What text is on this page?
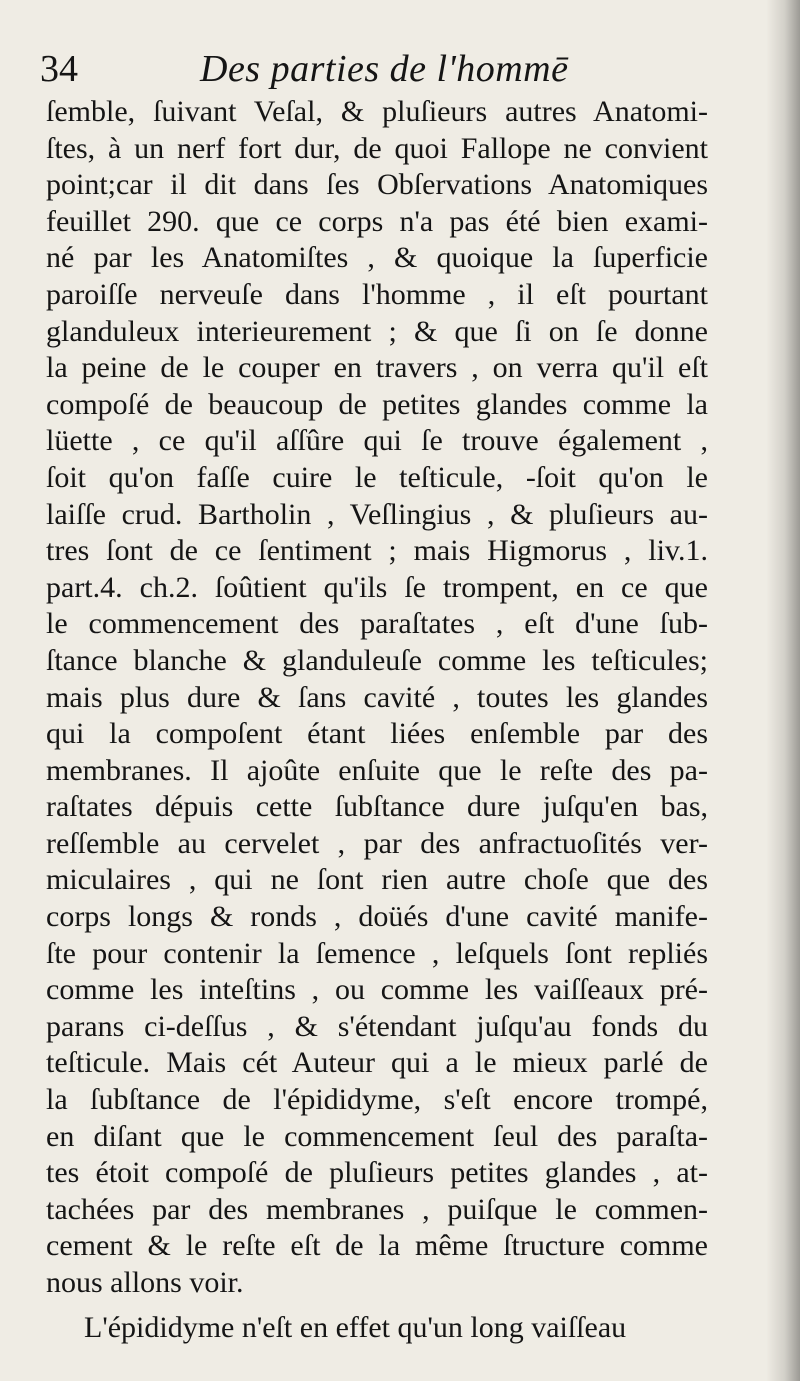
34	Des parties de l'hommē
ſemble, ſuivant Veſal, & pluſieurs autres Anatomi-
ſtes, à un nerf fort dur, de quoi Fallope ne convient
point;car il dit dans ſes Obſervations Anatomiques
feuillet 290. que ce corps n'a pas été bien exami-
né par les Anatomiſtes , & quoique la ſuperficie
paroiſſe nerveuſe dans l'homme , il eſt pourtant
glanduleux interieurement ; & que ſi on ſe donne
la peine de le couper en travers , on verra qu'il eſt
compoſé de beaucoup de petites glandes comme la
lüette , ce qu'il aſſûre qui ſe trouve également ,
ſoit qu'on faſſe cuire le teſticule, -ſoit qu'on le
laiſſe crud. Bartholin , Veſlingius , & pluſieurs au-
tres ſont de ce ſentiment ; mais Higmorus , liv.1.
part.4. ch.2. ſoûtient qu'ils ſe trompent, en ce que
le commencement des paraſtates , eſt d'une ſub-
ſtance blanche & glanduleuſe comme les teſticules;
mais plus dure & ſans cavité , toutes les glandes
qui la compoſent étant liées enſemble par des
membranes. Il ajoûte enſuite que le reſte des pa-
raſtates dépuis cette ſubſtance dure juſqu'en bas,
reſſemble au cervelet , par des anfractuoſités ver-
miculaires , qui ne ſont rien autre choſe que des
corps longs & ronds , doüés d'une cavité manife-
ſte pour contenir la ſemence , leſquels ſont repliés
comme les inteſtins , ou comme les vaiſſeaux pré-
parans ci-deſſus , & s'étendant juſqu'au fonds du
teſticule. Mais cét Auteur qui a le mieux parlé de
la ſubſtance de l'épididyme, s'eſt encore trompé,
en diſant que le commencement ſeul des paraſta-
tes étoit compoſé de pluſieurs petites glandes , at-
tachées par des membranes , puiſque le commen-
cement & le reſte eſt de la même ſtructure comme
nous allons voir.
L'épididyme n'eſt en effet qu'un long vaiſſeau
